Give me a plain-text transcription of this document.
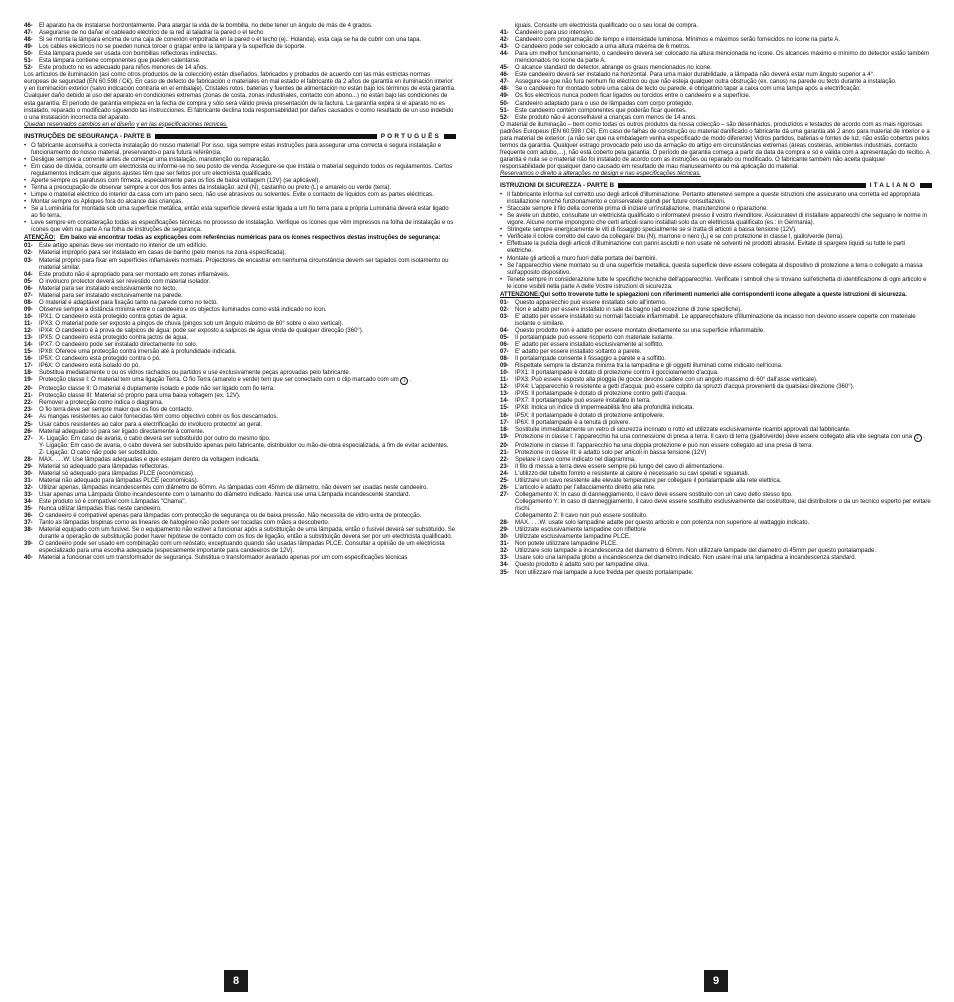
46-	El aparato ha de instalarse horizontalmente. Para alargar la vida de la bombilla, no debe tener un ángulo de más de 4 grados.
47-	Asegurarse de no dañar el cableado eléctrico de la red al taladrar la pared o el techo
48-	Si se monta la lámpara encima de una caja de conexión empotrada en la pared o el techo (ej.: Holanda), esta caja se ha de cubrir con una tapa.
49-	Los cables eléctricos no se pueden nunca torcer o grapar entre la lámpara y la superficie de soporte.
50-	Esta lámpara puede ser usada con bombillas reflectoras indirectas.
51-	Esta lámpara contiene componentes que pueden calentarse.
52-	Este producto no es adecuado para niños menores de 14 años.

Los artículos de iluminación (así como otros productos de la colección) están diseñados, fabricados y probados de acuerdo con las más estrictas normas europeas de seguridad (EN 60.598 / C€). En caso de defecto de fabricación o materiales en mal estado el fabricante da 2 años de garantía en iluminación interior y en iluminación exterior (salvo indicación contraria en el embalaje). Cristales rotos, baterías y fuentes de alimentación no están bajo los términos de esta garantía. Cualquier daño debido al uso del aparato en condiciones extremas (zonas de costa, zonas industriales, contacto con abono...) no están bajo las condiciones de esta garantía. El período de garantía empieza en la fecha de compra y sólo será válido previa presentación de la factura. La garantía expira si el aparato no es instalado, reparado o modificado siguiendo las instrucciones. El fabricante declina toda responsabilidad por daños causados o como resultado de un uso indebido o una instalación incorrecta del aparato.

Quedan reservados cambios en el diseño y en las especificaciones técnicas.

INSTRUÇÕES DE SEGURANÇA - PARTE B	PORTUGUÊS
• O fabricante aconselha a correcta instalação do nosso material! Por isso, siga sempre estas instruções para assegurar uma correcta e segura instalação e funcionamento do nosso material, preservando-o para futura referência.
• Desligue sempre a corrente antes de começar uma instalação, manutenção ou reparação.
• Em caso de dúvida, consulte um electricista ou informe-se no seu posto de venda. Assegure-se que instala o material seguindo todos os regulamentos. Certos regulamentos indicam que alguns ajustes têm que ser feitos por um electricista qualificado.
• Aperte sempre os parafusos com firmeza, especialmente para os fios de baixa voltagem (12V) (se aplicável).
• Tenha a preocupação de observar sempre a cor dos fios antes da instalação: azul (N), castanho ou preto (L) e amarelo ou verde (terra).
• Limpe o material eléctrico do interior da casa com um pano seco, não use abrasivos ou solventes. Evite o contacto de líquidos com as partes eléctricas.
• Montar sempre os Apliques fora do alcance das crianças.
• Se a Luminária for montada sob uma superfície metálica, então esta superfície deverá estar ligada a um fio terra para a própria Luminária deverá estar ligado ao fio terra.
• Leve sempre em consideração todas as especificações técnicas no processo de instalação. Verifique os ícones que vêm impressos na folha de instalação e os ícones que vêm na parte A na folha de instruções de segurança.
ATENÇÃO: Em baixo vai encontrar todas as explicações com referências numéricas para os ícones respectivos destas instruções de segurança:
01-	Este artigo apenas deve ser montado no interior de um edifício.
02-	Material impróprio para ser instalado em casas de banho (pelo menos na zona especificada).
03-	Material próprio para fixar em superfícies inflamáveis normais. Projectores de encastrar em nenhuma circunstância devem ser tapados com isolamento ou material similar.
04-	Este produto não é apropriado para ser montado em zonas inflamáveis.
05-	O invólucro protector deverá ser revestido com material isolador.
06-	Material para ser instalado exclusivamente no tecto.
07-	Material para ser instalado exclusivamente na parede.
08-	O material é adaptável para fixação tanto na parede como no tecto.
09-	Observe sempre a distância mínima entre o candeeiro e os objectos iluminados como está indicado no ícon.
10-	IPX1: O candeeiro está protegido contra gotas de água.
11-	IPX3: O material pode ser exposto a pingos de chuva (pingos sob um ângulo máximo de 60° sobre o eixo vertical).
12-	IPX4: O candeeiro é à prova de salpicos de água: pode ser exposto a salpicos de água vinda de qualquer direcção (360°).
13-	IPX5: O candeeiro está protegido contra jactos de água.
14-	IPX7: O candeeiro pode ser instalado directamente no solo.
15-	IPX8: Oferece uma protecção contra imersão até à profundidade indicada.
16-	IP5X: O candeeiro está protegido contra o pó.
17-	IP6X: O candeeiro está isolado do pó.
18-	Substitua imediatamente o ou os vidros rachados ou partidos e use exclusivamente peças aprovadas pelo fabricante.
19-	Protecção classe I: O material tem uma ligação Terra. O fio Terra (amarelo e verde) tem que ser conectado com o clip marcado com um ⏚ .
20-	Protecção classe II: O material é duplamente isolado e pode não ser ligado com fio terra.
21-	Protecção classe III: Material só próprio para uma baixa voltagem (ex. 12V).
22-	Remover a protecção como indica o diagrama.
23-	O fio terra deve ser sempre maior que os fios de contacto.
24-	As mangas resistentes ao calor fornecidas têm como objectivo cobrir os fios descarnados.
25-	Usar cabos resistentes ao calor para a electrificação do invólucro protector ao geral.
26-	Material adequado só para ser ligado directamente à corrente.
27-	X- Ligação: Em caso de avaria, o cabo deverá ser substituído por outro do mesmo tipo.
Y- Ligação: Em caso de avaria, o cabo deverá ser substituído apenas pelo fabricante, distribuidor ou mão-de-obra especializada, a fim de evitar acidentes.
Z- Ligação: O cabo não pode ser substituído.
28-	MAX. . . .W: Use lâmpadas adequadas e que estejam dentro da voltagem indicada.
29-	Material só adequado para lâmpadas reflectoras.
30-	Material só adequado para lâmpadas PLCE (económicas).
31-	Material não adequado para lâmpadas PLCE (económicas).
32-	Utilizar apenas, lâmpadas incandescentes com diâmetro de 60mm. As lâmpadas com 45mm de diâmetro, não devem ser usadas neste candeeiro.
33-	Usar apenas uma Lâmpada Globo incandescente com o tamanho do diâmetro indicado. Nunca use uma Lâmpada incandescente standard.
34-	Este produto só é compatível com Lâmpadas "Chama".
35-	Nunca utilizar lâmpadas frias neste candeeiro.
36-	O candeeiro é compatível apenas para lâmpadas com protecção de segurança ou de baixa pressão. Não necessita de vidro extra de protecção.
37-	Tanto as lâmpadas bispinas como as lineares de halogéneo não podem ser tocadas com mãos a descoberto.
38-	Material equipado com um fusível. Se o equipamento não estiver a funcionar após a substituição de uma lâmpada, então o fusível deverá ser substituído. Se durante a operação de substituição poder haver hipótese de contacto com os fios de ligação, então a substituição deverá ser por um electricista qualificado.
39-	O candeeiro pode ser usado em combinação com um reóstato, exceptuando quando são usadas lâmpadas PLCE. Consultar a opinião de um electricista especializado para uma escolha adequada (especialmente importante para candeeiros de 12V).
40-	Material a funcionar com um transformador de segurança. Substitua o transformador avariado apenas por um com especificações técnicas

iguais. Consulte um electricista qualificado ou o seu local de compra.

41-	Candeeiro para uso intensivo.
42-	Candeeiro com programação de tempo e intensidade luminosa. Mínimos e máximos serão fornecidos no ícone na parte A.
43-	O candeeiro pode ser colocado a uma altura máxima de 6 metros.
44-	Para um melhor funcionamento, o candeeiro deverá ser colocado na altura mencionada no ícone. Os alcances máximo e mínimo do detector estão também mencionados no ícone da parte A.
45-	O alcance standard do detector, abrange os graus mencionados no ícone.
46-	Este candeeiro deverá ser instalado na horizontal. Para uma maior durabilidade, a lâmpada não deverá estar num ângulo superior a 4°.
47-	Assegure-se que não fura nenhum fio eléctrico ou que não esteja qualquer outra obstrução (ex. canos) na parede ou tecto durante a instalação.
48-	Se o candeeiro for montado sobre uma caixa de tecto ou parede, é obrigatório tapar a caixa com uma tampa após a electrificação.
49-	Os fios eléctricos nunca podem ficar ligados ou torcidos entre o candeeiro e a superfície.
50-	Candeeiro adaptado para o uso de lâmpadas com corpo protegido.
51-	Este candeeiro contém componentes que poderão ficar quentes.
52-	Este produto não é aconselhável a crianças com menos de 14 anos.

O material de iluminação – bem como todas os outros produtos da nossa colecção – são desenhados, produzidos e testados de acordo com as mais rigorosas padrões Europeus (EN 60.598 / C€). Em caso de falhas de construção ou material danificado o fabricante dá uma garantia até 2 anos para material de interior e a para material de exterior. (a não ser que na embalagem venha especificado de modo diferente) Vidros partidos, baterias e fontes de luz, não estão cobertos pelos termos da garantia. Qualquer estrago provocado pelo uso da armação do artigo em circunstâncias extremas (áreas costeiras, ambientes industriais, contacto frequente com adubo,...), não está coberto pela garantia. O período de garantia começa a partir da data da compra e só é válida com a apresentação do recibo. A garantia é nula se o material não foi instalado de acordo com as instruções ou reparado ou modificado. O fabricante também não aceita qualquer responsabilidade por qualquer dano causado em resultado de mau manuseamento ou má aplicação do material.

Reservamos o direito a alterações no design e nas especificações técnicas.

ISTRUZIONI DI SICUREZZA - PARTE B	ITALIANO
• Il fabbricante informa sul corretto uso degli articoli d'illuminazione. Pertanto attenetevi sempre a queste istruzioni che assicurano una corretta ed appropriata installazione nonché funzionamento e conservatele quindi per future consultazioni.
• Staccate sempre il filo della corrente prima di iniziare un'installazione, manutenzione o riparazione.
• Se avete un dubbio, consultate un elettricista qualificato o informatevi presso il vostro rivenditore. Assicuratevi di installare apparecchi che seguano le norme in vigore. Alcune norme impongono che certi articoli siano installati solo da un elettricista qualificato (es.: in Germania).
• Stringete sempre energicamente le viti di fissaggio specialmente se si tratta di articoli a bassa tensione (12V).
• Verificate il colore corretto del cavo da collegare: blu (N), marrone o nero (L) e se con protezione in classe I, giallo/verde (terra).
• Effettuate la pulizia degli articoli d'illuminazione con panni asciutti e non usate nè solventi nè prodotti abrasivi. Evitate di spargere liquidi su tutte le parti elettriche.
• Montate gli articoli a muro fuori dalla portata dei bambini.
• Se l'apparecchio viene montato su di una superficie metallica, questa superficie deve essere collegata al dispositivo di protezione a terra o collegato a massa sull'apposito dispositivo.
• Tenete sempre in considerazione tutte le specifiche tecniche dell'apparecchio. Verificate i simboli che si trovano sull'etichetta di identificazione di ogni articolo e le icone visibili nella parte A delle Vostre istruzioni di sicurezza.
ATTENZIONE: Qui sotto troverete tutte le spiegazioni con riferimenti numerici alle corrispondenti icone allegate a queste istruzioni di sicurezza.
01-	Questo apparecchio può essere installato solo all'interno.
02-	Non è adatto per essere installato in sale da bagno (ad eccezione di zone specifiche).
03-	E' adatto per essere installato su normali facciate infiammabili. Le apparecchiature d'illuminazione da incasso non devono essere coperte con materiale isolante o similare.
04-	Questo prodotto non è adatto per essere montato direttamente su una superficie infiammabile.
05-	Il portalampade può essere ricoperto con materiale isolante.
06-	E' adatto per essere installato esclusivamente al soffitto.
07-	E' adatto per essere installato soltanto a parete.
08-	Il portalampade consente il fissaggio a parete e a soffitto.
09-	Rispettate sempre la distanza minima tra la lampadina e gli oggetti illuminati come indicato nell'icona.
10-	IPX1: Il portalampade è dotato di protezione contro il gocciolamento d'acqua.
11-	IPX3: Può essere esposto alla pioggia (le gocce devono cadere con un angolo massimo di 60° dall'asse verticale).
12-	IPX4: L'apparecchio è resistente a getti d'acqua: può essere colpito da spruzzi d'acqua provenienti da qualsiasi direzione (360°).
13-	IPX5: Il portalampade è dotato di protezione contro getti d'acqua.
14-	IPX7: Il portalampade può essere installato in terra.
15-	IPX8: Indica un indice di impermeabilità fino alla profondità indicata.
16-	IP5X: Il portalampade è dotato di protezione antipolvere.
17-	IP6X: Il portalampade è a tenuta di polvere.
18-	Sostituite immediatamente un vetro di sicurezza incrinato o rotto ed utilizzate esclusivamente ricambi approvati dal fabbricante.
19-	Protezione in classe I: l'apparecchio ha una connessione di presa a terra. Il cavo di terra (giallo/verde) deve essere collegato alla vite segnata con una ⏚ .
20-	Protezione in classe II: l'apparecchio ha una doppia protezione e può non essere collegato ad una presa di terra.
21-	Protezione in classe III: è adatto solo per articoli in bassa tensione (12V)
22-	Spelare il cavo come indicato nel diagramma.
23-	Il filo di messa a terra deve essere sempre più lungo del cavo di alimentazione.
24-	L'utilizzo del tubetto fornito e resistente al calore è necessario su cavi spelati e sguainati.
25-	Utilizzare un cavo resistente alle elevate temperature per collegare il portalampade alla rete elettrica.
26-	L'articolo è adatto per l'allacciamento diretto alla rete.
27-	Collegamento X: In caso di danneggiamento, il cavo deve essere sostituito con un cavo dello stesso tipo.
Collegamento Y: In caso di danneggiamento, il cavo deve essere sostituito esclusivamente dal costruttore, dal distributore o da un tecnico esperto per evitare rischi.
Collegamento Z: Il cavo non può essere sostituito.
28-	MAX. . . .W: usate solo lampadine adatte per questo articolo e con potenza non superiore al wattaggio indicato.
29-	Utilizzate esclusivamente lampadine con riflettore
30-	Utilizzate esclusivamente lampadine PLCE.
31-	Non potete utilizzare lampadine PLCE.
32-	Utilizzare solo lampade a incandescenza del diametro di 60mm. Non utilizzare lampade del diametro di 45mm per questo portalampade.
33-	Usare solo una lampada globo a incandescenza del diametro indicato. Non usare mai una lampadina a incandescenza standard.
34-	Questo prodotto è adatto solo per lampadine oliva.
35-	Non utilizzare mai lampade a luce fredda per questo portalampade.
8	9
